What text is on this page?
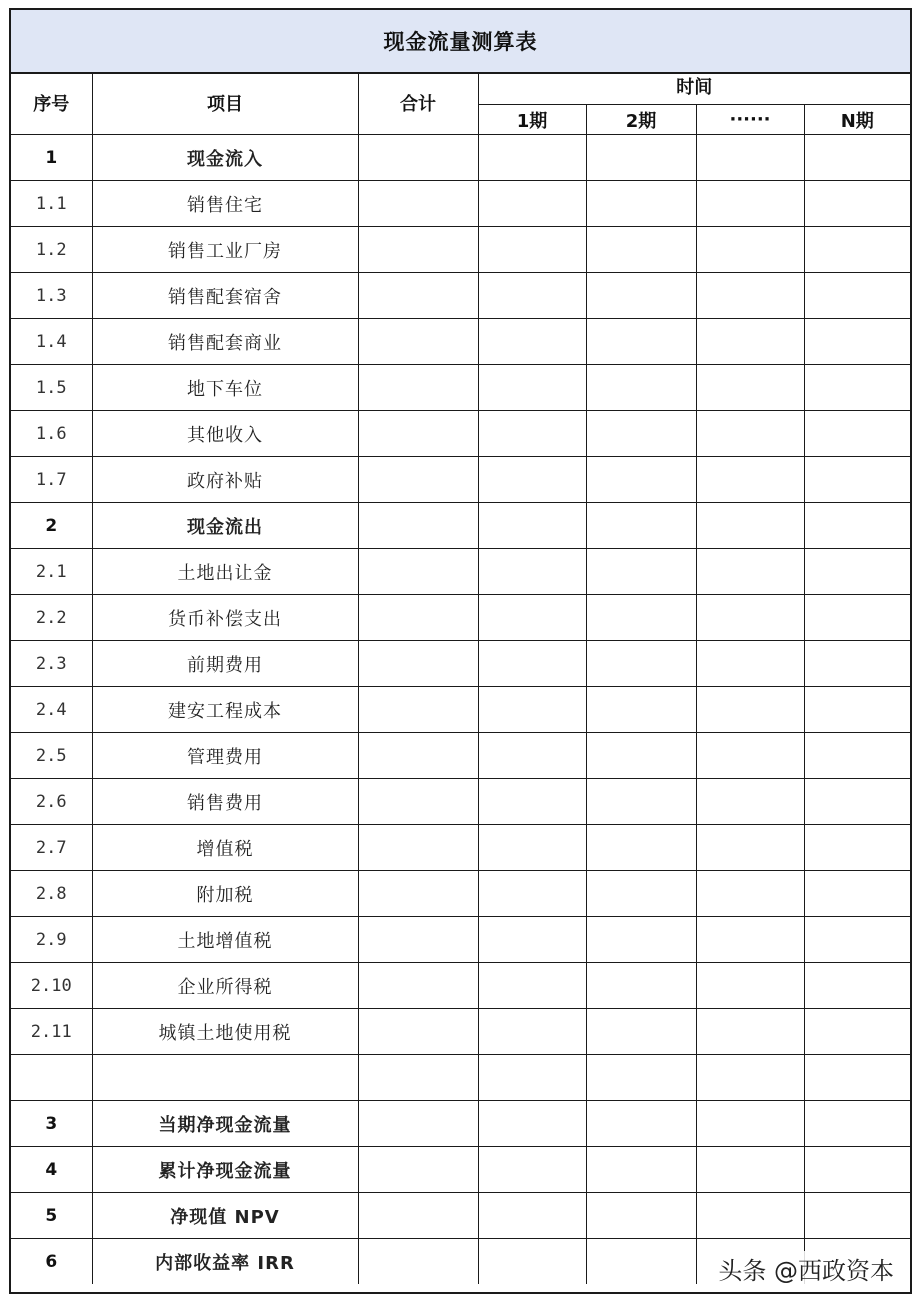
现金流量测算表
序号	项目	合计	时间			
			1期	2期	······	N期
1	现金流入					
1.1	销售住宅					
1.2	销售工业厂房					
1.3	销售配套宿舍					
1.4	销售配套商业					
1.5	地下车位					
1.6	其他收入					
1.7	政府补贴					
2	现金流出					
2.1	土地出让金					
2.2	货币补偿支出					
2.3	前期费用					
2.4	建安工程成本					
2.5	管理费用					
2.6	销售费用					
2.7	增值税					
2.8	附加税					
2.9	土地增值税					
2.10	企业所得税					
2.11	城镇土地使用税					

3	当期净现金流量					
4	累计净现金流量					
5	净现值 NPV					
6	内部收益率 IRR						头条 @西政资本
